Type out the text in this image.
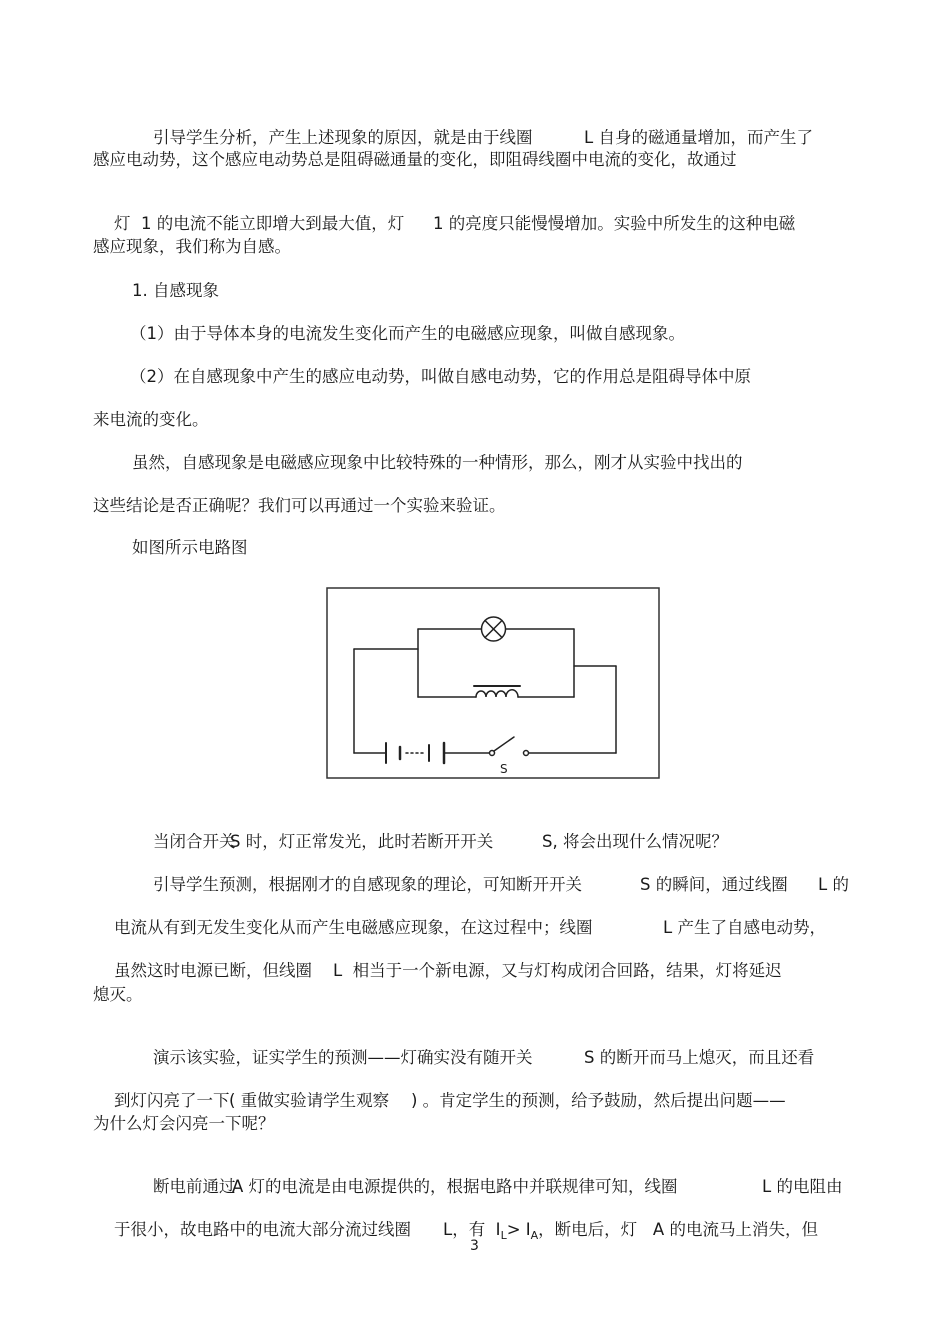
引导学生分析，产生上述现象的原因，就是由于线圈	L 自身的磁通量增加，而产生了

感应电动势，这个感应电动势总是阻碍磁通量的变化，即阻碍线圈中电流的变化，故通过

灯  1 的电流不能立即增大到最大值，灯 1 的亮度只能慢慢增加。实验中所发生的这种电磁

感应现象，我们称为自感。
1. 自感现象
（1）由于导体本身的电流发生变化而产生的电磁感应现象，叫做自感现象。
（2）在自感现象中产生的感应电动势，叫做自感电动势，它的作用总是阻碍导体中原
来电流的变化。
虽然，自感现象是电磁感应现象中比较特殊的一种情形，那么，刚才从实验中找出的
这些结论是否正确呢？我们可以再通过一个实验来验证。
如图所示电路图
S

当闭合开关
S 时，灯正常发光，此时若断开开关	S, 将会出现什么情况呢？

引导学生预测，根据刚才的自感现象的理论，可知断开开关	S 的瞬间，通过线圈 L 的

电流从有到无发生变化从而产生电磁感应现象，在这过程中；线圈	L 产生了自感电动势，

虽然这时电源已断，但线圈 L  相当于一个新电源，又与灯构成闭合回路，结果，灯将延迟

熄灭。

演示该实验，证实学生的预测——灯确实没有随开关	S 的断开而马上熄灭，而且还看

到灯闪亮了一下 ( 重做实验请学生观察 ) 。肯定学生的预测，给予鼓励，然后提出问题——

为什么灯会闪亮一下呢？

断电前通过
A 灯的电流是由电源提供的，根据电路中并联规律可知，线圈	L 的电阻由

于很小，故电路中的电流大部分流过线圈 L，有  $I_L> I_A$，断电后，灯   A 的电流马上消失，但

3
